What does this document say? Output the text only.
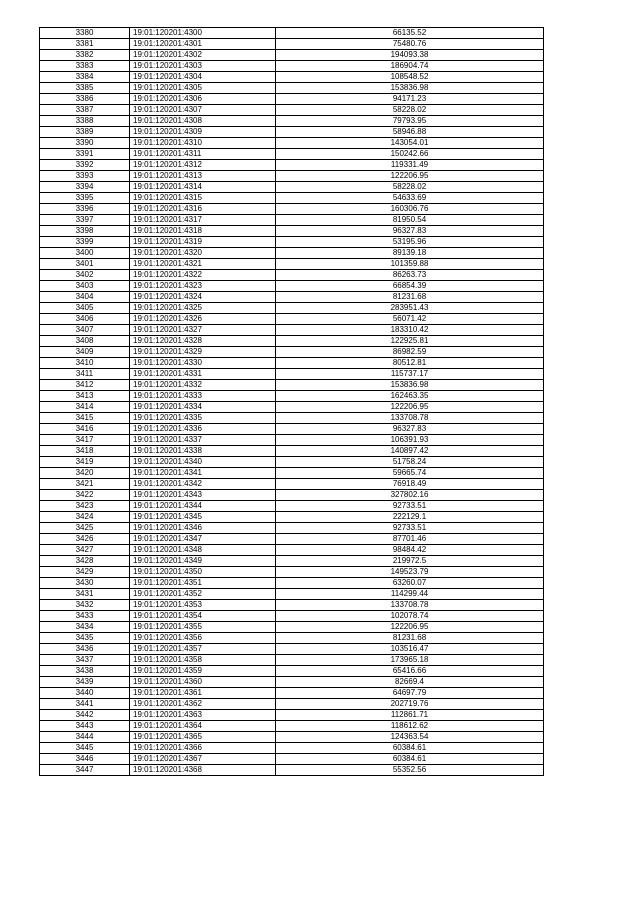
3380	19:01:120201:4300	66135.52
3381	19:01:120201:4301	75480.76
3382	19:01:120201:4302	194093.38
3383	19:01:120201:4303	186904.74
3384	19:01:120201:4304	108548.52
3385	19:01:120201:4305	153836.98
3386	19:01:120201:4306	94171.23
3387	19:01:120201:4307	58228.02
3388	19:01:120201:4308	79793.95
3389	19:01:120201:4309	58946.88
3390	19:01:120201:4310	143054.01
3391	19:01:120201:4311	150242.66
3392	19:01:120201:4312	119331.49
3393	19:01:120201:4313	122206.95
3394	19:01:120201:4314	58228.02
3395	19:01:120201:4315	54633.69
3396	19:01:120201:4316	160306.76
3397	19:01:120201:4317	81950.54
3398	19:01:120201:4318	96327.83
3399	19:01:120201:4319	53195.96
3400	19:01:120201:4320	89139.18
3401	19:01:120201:4321	101359.88
3402	19:01:120201:4322	86263.73
3403	19:01:120201:4323	66854.39
3404	19:01:120201:4324	81231.68
3405	19:01:120201:4325	283951.43
3406	19:01:120201:4326	56071.42
3407	19:01:120201:4327	183310.42
3408	19:01:120201:4328	122925.81
3409	19:01:120201:4329	86982.59
3410	19:01:120201:4330	80512.81
3411	19:01:120201:4331	115737.17
3412	19:01:120201:4332	153836.98
3413	19:01:120201:4333	162463.35
3414	19:01:120201:4334	122206.95
3415	19:01:120201:4335	133708.78
3416	19:01:120201:4336	96327.83
3417	19:01:120201:4337	106391.93
3418	19:01:120201:4338	140897.42
3419	19:01:120201:4340	51758.24
3420	19:01:120201:4341	59665.74
3421	19:01:120201:4342	76918.49
3422	19:01:120201:4343	327802.16
3423	19:01:120201:4344	92733.51
3424	19:01:120201:4345	222129.1
3425	19:01:120201:4346	92733.51
3426	19:01:120201:4347	87701.46
3427	19:01:120201:4348	98484.42
3428	19:01:120201:4349	219972.5
3429	19:01:120201:4350	149523.79
3430	19:01:120201:4351	63260.07
3431	19:01:120201:4352	114299.44
3432	19:01:120201:4353	133708.78
3433	19:01:120201:4354	102078.74
3434	19:01:120201:4355	122206.95
3435	19:01:120201:4356	81231.68
3436	19:01:120201:4357	103516.47
3437	19:01:120201:4358	173965.18
3438	19:01:120201:4359	65416.66
3439	19:01:120201:4360	82669.4
3440	19:01:120201:4361	64697.79
3441	19:01:120201:4362	202719.76
3442	19:01:120201:4363	112861.71
3443	19:01:120201:4364	118612.62
3444	19:01:120201:4365	124363.54
3445	19:01:120201:4366	60384.61
3446	19:01:120201:4367	60384.61
3447	19:01:120201:4368	55352.56
